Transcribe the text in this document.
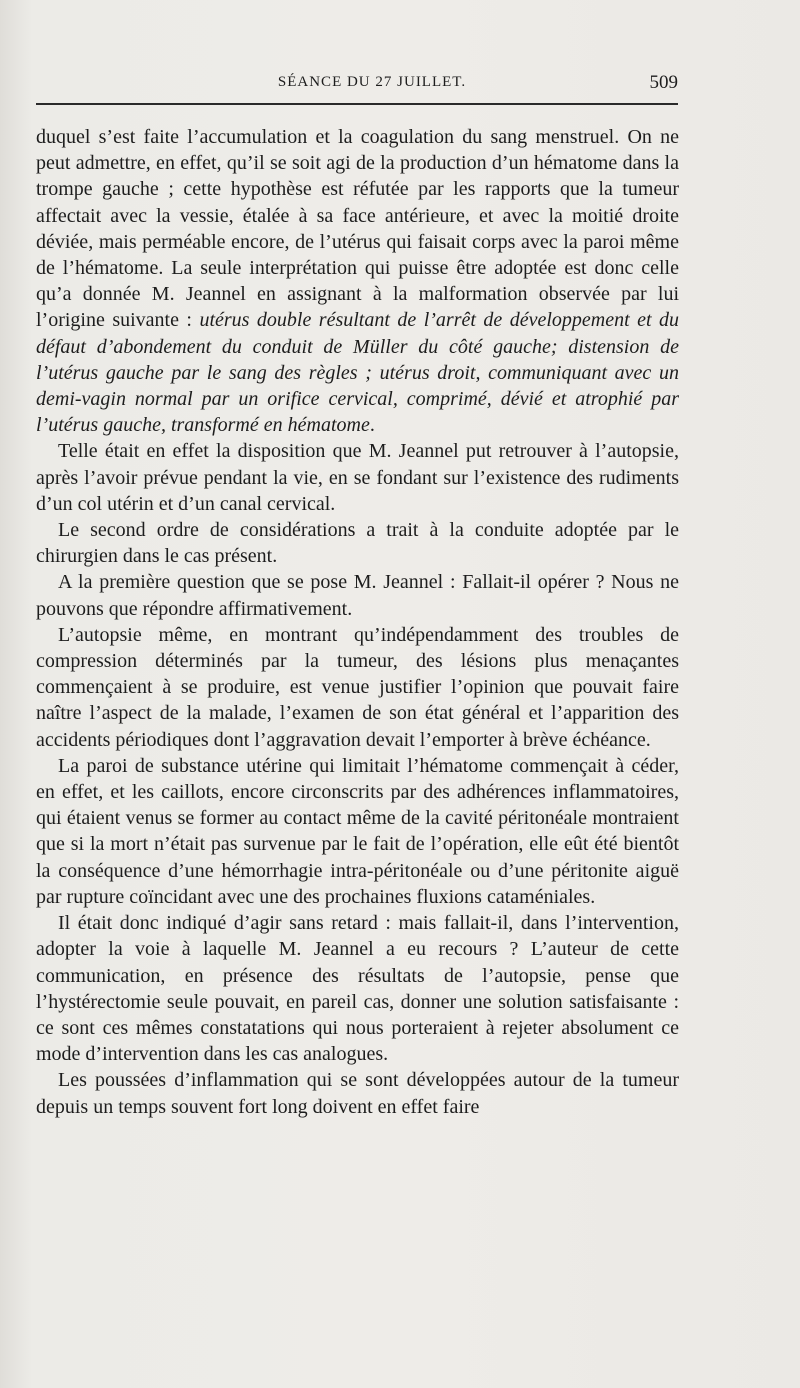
SÉANCE DU 27 JUILLET.	509

duquel s’est faite l’accumulation et la coagulation du sang menstruel. On ne peut admettre, en effet, qu’il se soit agi de la production d’un hématome dans la trompe gauche ; cette hypothèse est réfutée par les rapports que la tumeur affectait avec la vessie, étalée à sa face antérieure, et avec la moitié droite déviée, mais perméable encore, de l’utérus qui faisait corps avec la paroi même de l’hématome. La seule interprétation qui puisse être adoptée est donc celle qu’a donnée M. Jeannel en assignant à la malformation observée par lui l’origine suivante : utérus double résultant de l’arrêt de développement et du défaut d’abondement du conduit de Müller du côté gauche; distension de l’utérus gauche par le sang des règles ; utérus droit, communiquant avec un demi-vagin normal par un orifice cervical, comprimé, dévié et atrophié par l’utérus gauche, transformé en hématome.

Telle était en effet la disposition que M. Jeannel put retrouver à l’autopsie, après l’avoir prévue pendant la vie, en se fondant sur l’existence des rudiments d’un col utérin et d’un canal cervical.

Le second ordre de considérations a trait à la conduite adoptée par le chirurgien dans le cas présent.

A la première question que se pose M. Jeannel : Fallait-il opérer ? Nous ne pouvons que répondre affirmativement.

L’autopsie même, en montrant qu’indépendamment des troubles de compression déterminés par la tumeur, des lésions plus menaçantes commençaient à se produire, est venue justifier l’opinion que pouvait faire naître l’aspect de la malade, l’examen de son état général et l’apparition des accidents périodiques dont l’aggravation devait l’emporter à brève échéance.

La paroi de substance utérine qui limitait l’hématome commençait à céder, en effet, et les caillots, encore circonscrits par des adhérences inflammatoires, qui étaient venus se former au contact même de la cavité péritonéale montraient que si la mort n’était pas survenue par le fait de l’opération, elle eût été bientôt la conséquence d’une hémorrhagie intra-péritonéale ou d’une péritonite aiguë par rupture coïncidant avec une des prochaines fluxions cataméniales.

Il était donc indiqué d’agir sans retard : mais fallait-il, dans l’intervention, adopter la voie à laquelle M. Jeannel a eu recours ? L’auteur de cette communication, en présence des résultats de l’autopsie, pense que l’hystérectomie seule pouvait, en pareil cas, donner une solution satisfaisante : ce sont ces mêmes constatations qui nous porteraient à rejeter absolument ce mode d’intervention dans les cas analogues.

Les poussées d’inflammation qui se sont développées autour de la tumeur depuis un temps souvent fort long doivent en effet faire
